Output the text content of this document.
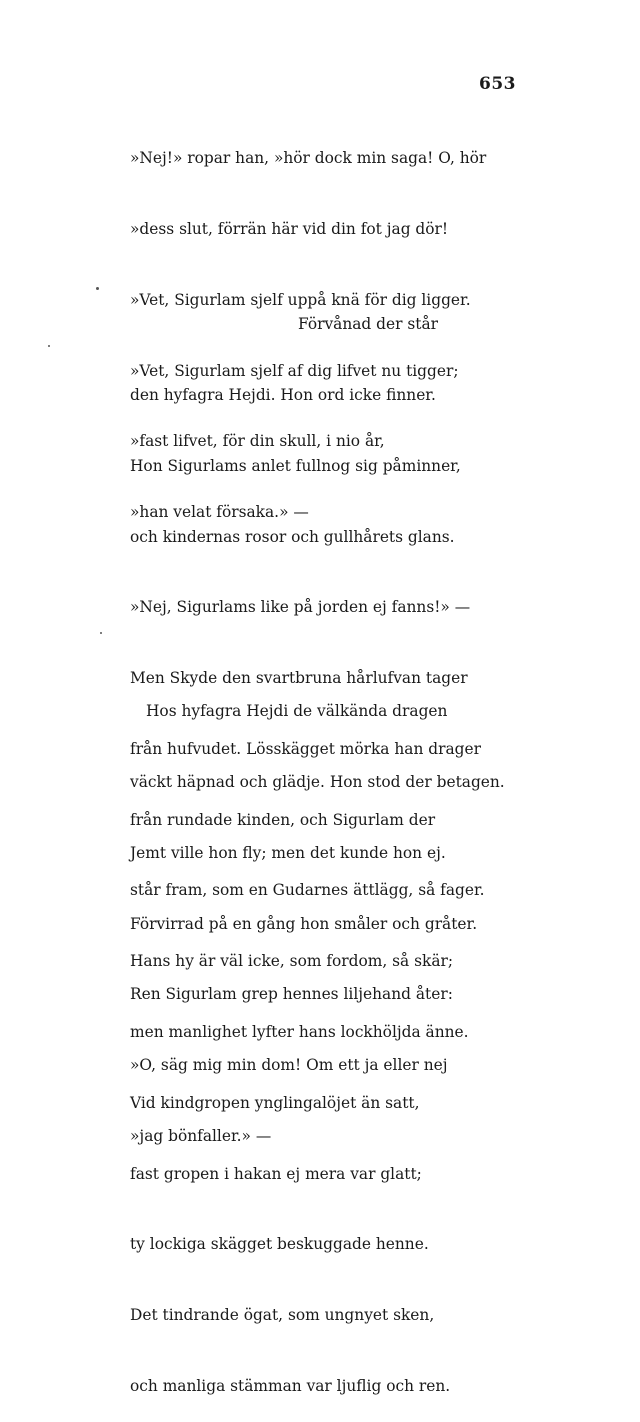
653

»Nej!» ropar han, »hör dock min saga! O, hör

»dess slut, förrän här vid din fot jag dör!

»Vet, Sigurlam sjelf uppå knä för dig ligger.

»Vet, Sigurlam sjelf af dig lifvet nu tigger;

»fast lifvet, för din skull, i nio år,

»han velat försaka.» —

Förvånad der står

den hyfagra Hejdi. Hon ord icke finner.

Hon Sigurlams anlet fullnog sig påminner,

och kindernas rosor och gullhårets glans.

»Nej, Sigurlams like på jorden ej fanns!» —

Men Skyde den svartbruna hårlufvan tager

från hufvudet. Lösskägget mörka han drager

från rundade kinden, och Sigurlam der

står fram, som en Gudarnes ättlägg, så fager.

Hans hy är väl icke, som fordom, så skär;

men manlighet lyfter hans lockhöljda änne.

Vid kindgropen ynglingalöjet än satt,

fast gropen i hakan ej mera var glatt;

ty lockiga skägget beskuggade henne.

Det tindrande ögat, som ungnyet sken,

och manliga stämman var ljuflig och ren.

Hos hyfagra Hejdi de välkända dragen

väckt häpnad och glädje. Hon stod der betagen.

Jemt ville hon fly; men det kunde hon ej.

Förvirrad på en gång hon småler och gråter.

Ren Sigurlam grep hennes liljehand åter:

»O, säg mig min dom! Om ett ja eller nej

»jag bönfaller.» —
